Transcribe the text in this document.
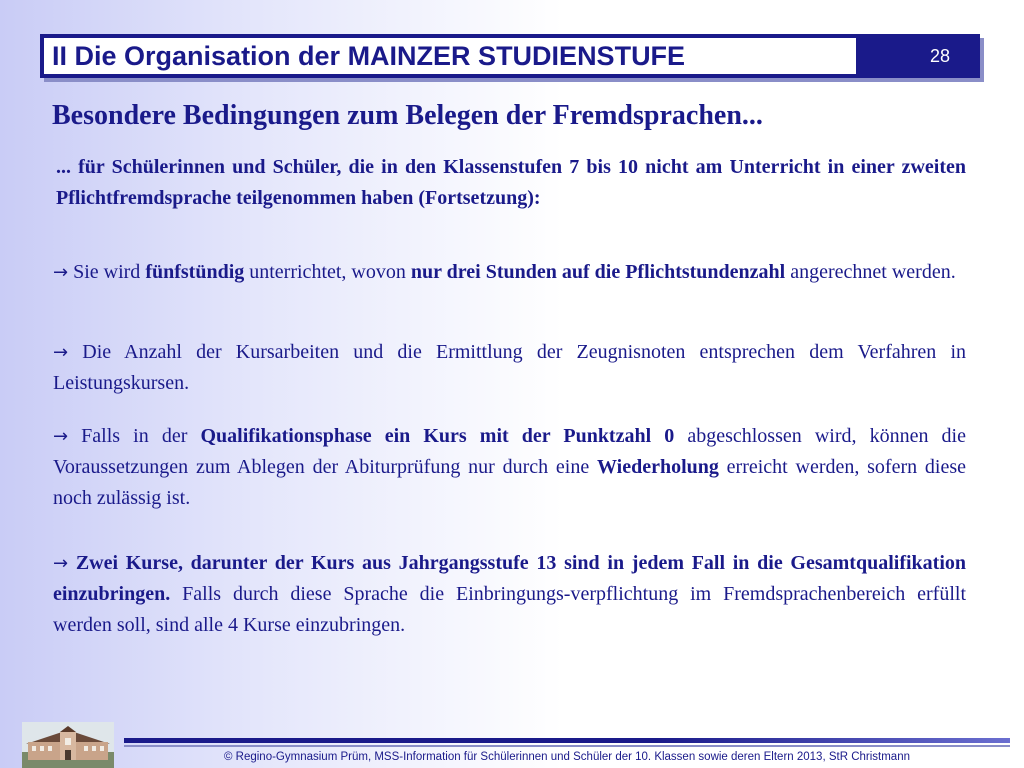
II Die Organisation der MAINZER STUDIENSTUFE	28
Besondere Bedingungen zum Belegen der Fremdsprachen...
... für Schülerinnen und Schüler, die in den Klassenstufen 7 bis 10 nicht am Unterricht in einer zweiten Pflichtfremdsprache teilgenommen haben (Fortsetzung):
→ Sie wird fünfstündig unterrichtet, wovon nur drei Stunden auf die Pflichtstundenzahl angerechnet werden.
→ Die Anzahl der Kursarbeiten und die Ermittlung der Zeugnisnoten entsprechen dem Verfahren in Leistungskursen.
→ Falls in der Qualifikationsphase ein Kurs mit der Punktzahl 0 abgeschlossen wird, können die Voraussetzungen zum Ablegen der Abiturprüfung nur durch eine Wiederholung erreicht werden, sofern diese noch zulässig ist.
→ Zwei Kurse, darunter der Kurs aus Jahrgangsstufe 13 sind in jedem Fall in die Gesamtqualifikation einzubringen. Falls durch diese Sprache die Einbringungs-verpflichtung im Fremdsprachenbereich erfüllt werden soll, sind alle 4 Kurse einzubringen.
© Regino-Gymnasium Prüm, MSS-Information für Schülerinnen und Schüler der 10. Klassen sowie deren Eltern 2013, StR Christmann
